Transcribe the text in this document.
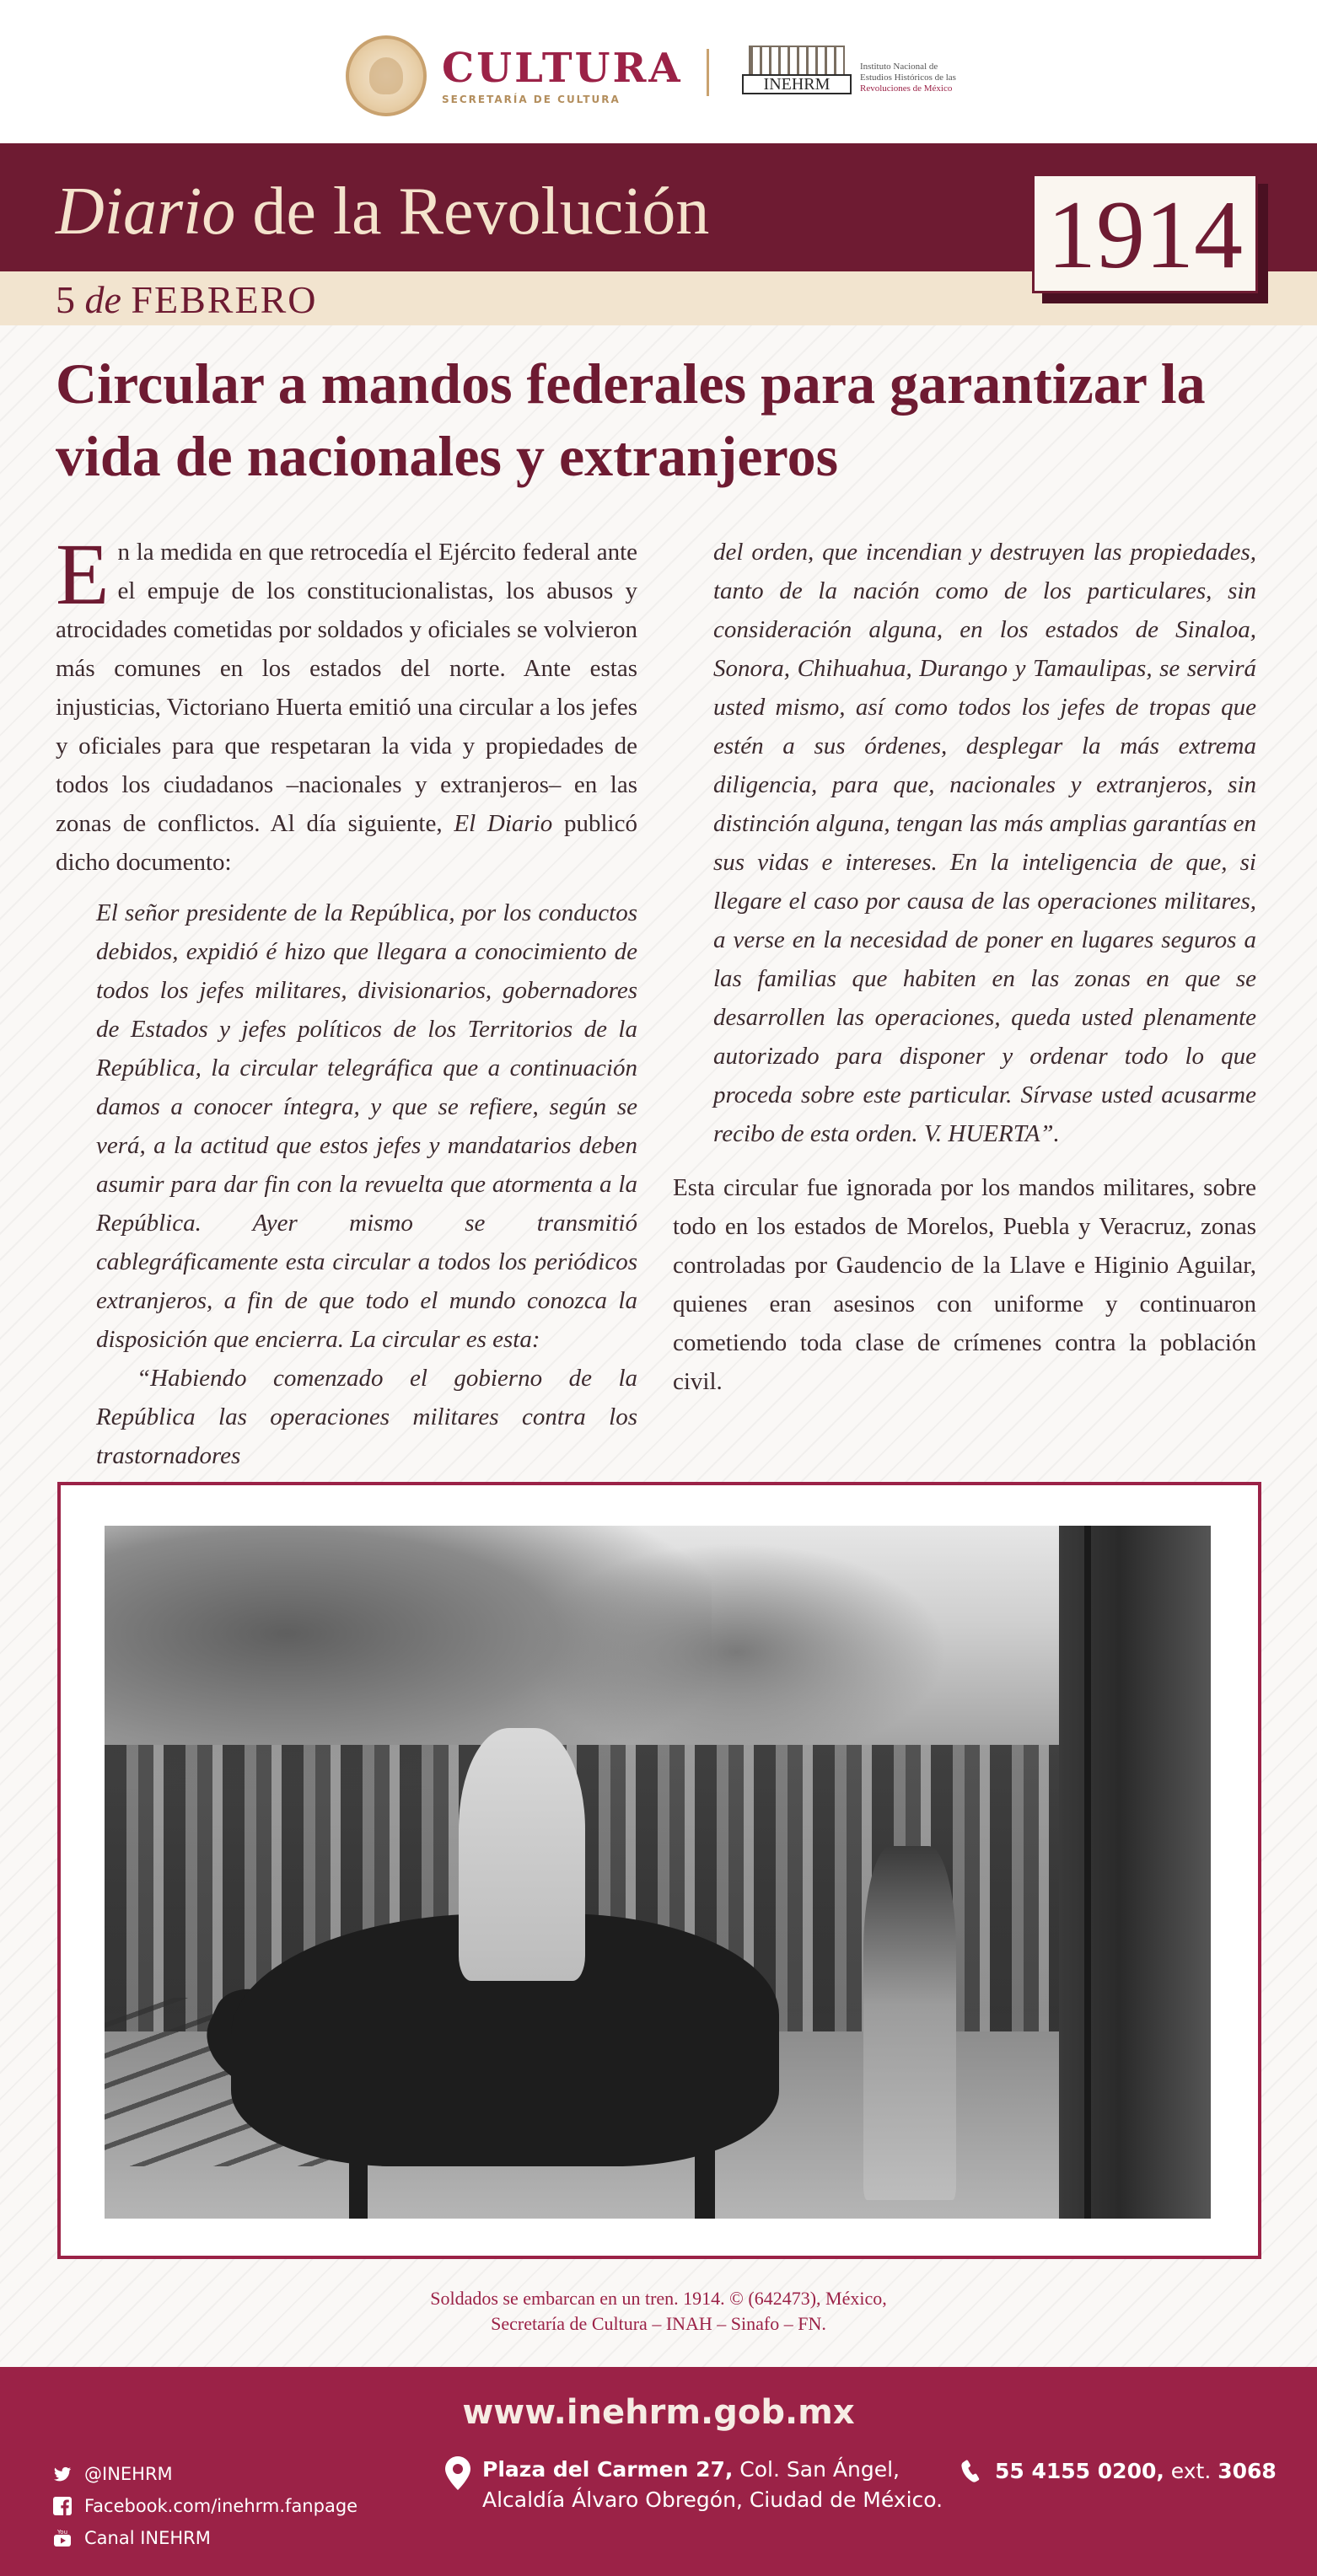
CULTURA
SECRETARÍA DE CULTURA
INEHRM
Instituto Nacional de
Estudios Históricos de las
Revoluciones de México
Diario de la Revolución
5 de FEBRERO
1914
Circular a mandos federales para garantizar la vida de nacionales y extranjeros

En la medida en que retrocedía el Ejército federal ante el empuje de los constitucionalistas, los abusos y atrocidades cometidas por soldados y oficiales se volvieron más comunes en los estados del norte. Ante estas injusticias, Victoriano Huerta emitió una circular a los jefes y oficiales para que respetaran la vida y propiedades de todos los ciudadanos –nacionales y extranjeros– en las zonas de conflictos. Al día siguiente, El Diario publicó dicho documento:

El señor presidente de la República, por los conductos debidos, expidió é hizo que llegara a conocimiento de todos los jefes militares, divisionarios, gobernadores de Estados y jefes políticos de los Territorios de la República, la circular telegráfica que a continuación damos a conocer íntegra, y que se refiere, según se verá, a la actitud que estos jefes y mandatarios deben asumir para dar fin con la revuelta que atormenta a la República. Ayer mismo se transmitió cablegráficamente esta circular a todos los periódicos extranjeros, a fin de que todo el mundo conozca la disposición que encierra. La circular es esta:

“Habiendo comenzado el gobierno de la República las operaciones militares contra los trastornadores

del orden, que incendian y destruyen las propiedades, tanto de la nación como de los particulares, sin consideración alguna, en los estados de Sinaloa, Sonora, Chihuahua, Durango y Tamaulipas, se servirá usted mismo, así como todos los jefes de tropas que estén a sus órdenes, desplegar la más extrema diligencia, para que, nacionales y extranjeros, sin distinción alguna, tengan las más amplias garantías en sus vidas e intereses. En la inteligencia de que, si llegare el caso por causa de las operaciones militares, a verse en la necesidad de poner en lugares seguros a las familias que habiten en las zonas en que se desarrollen las operaciones, queda usted plenamente autorizado para disponer y ordenar todo lo que proceda sobre este particular. Sírvase usted acusarme recibo de esta orden. V. HUERTA”.

Esta circular fue ignorada por los mandos militares, sobre todo en los estados de Morelos, Puebla y Veracruz, zonas controladas por Gaudencio de la Llave e Higinio Aguilar, quienes eran asesinos con uniforme y continuaron cometiendo toda clase de crímenes contra la población civil.

Soldados se embarcan en un tren. 1914. © (642473), México,
Secretaría de Cultura – INAH – Sinafo – FN.
www.inehrm.gob.mx
@INEHRM
Facebook.com/inehrm.fanpage
You Canal INEHRM
Plaza del Carmen 27, Col. San Ángel,
Alcaldía Álvaro Obregón, Ciudad de México.
55 4155 0200, ext. 3068
